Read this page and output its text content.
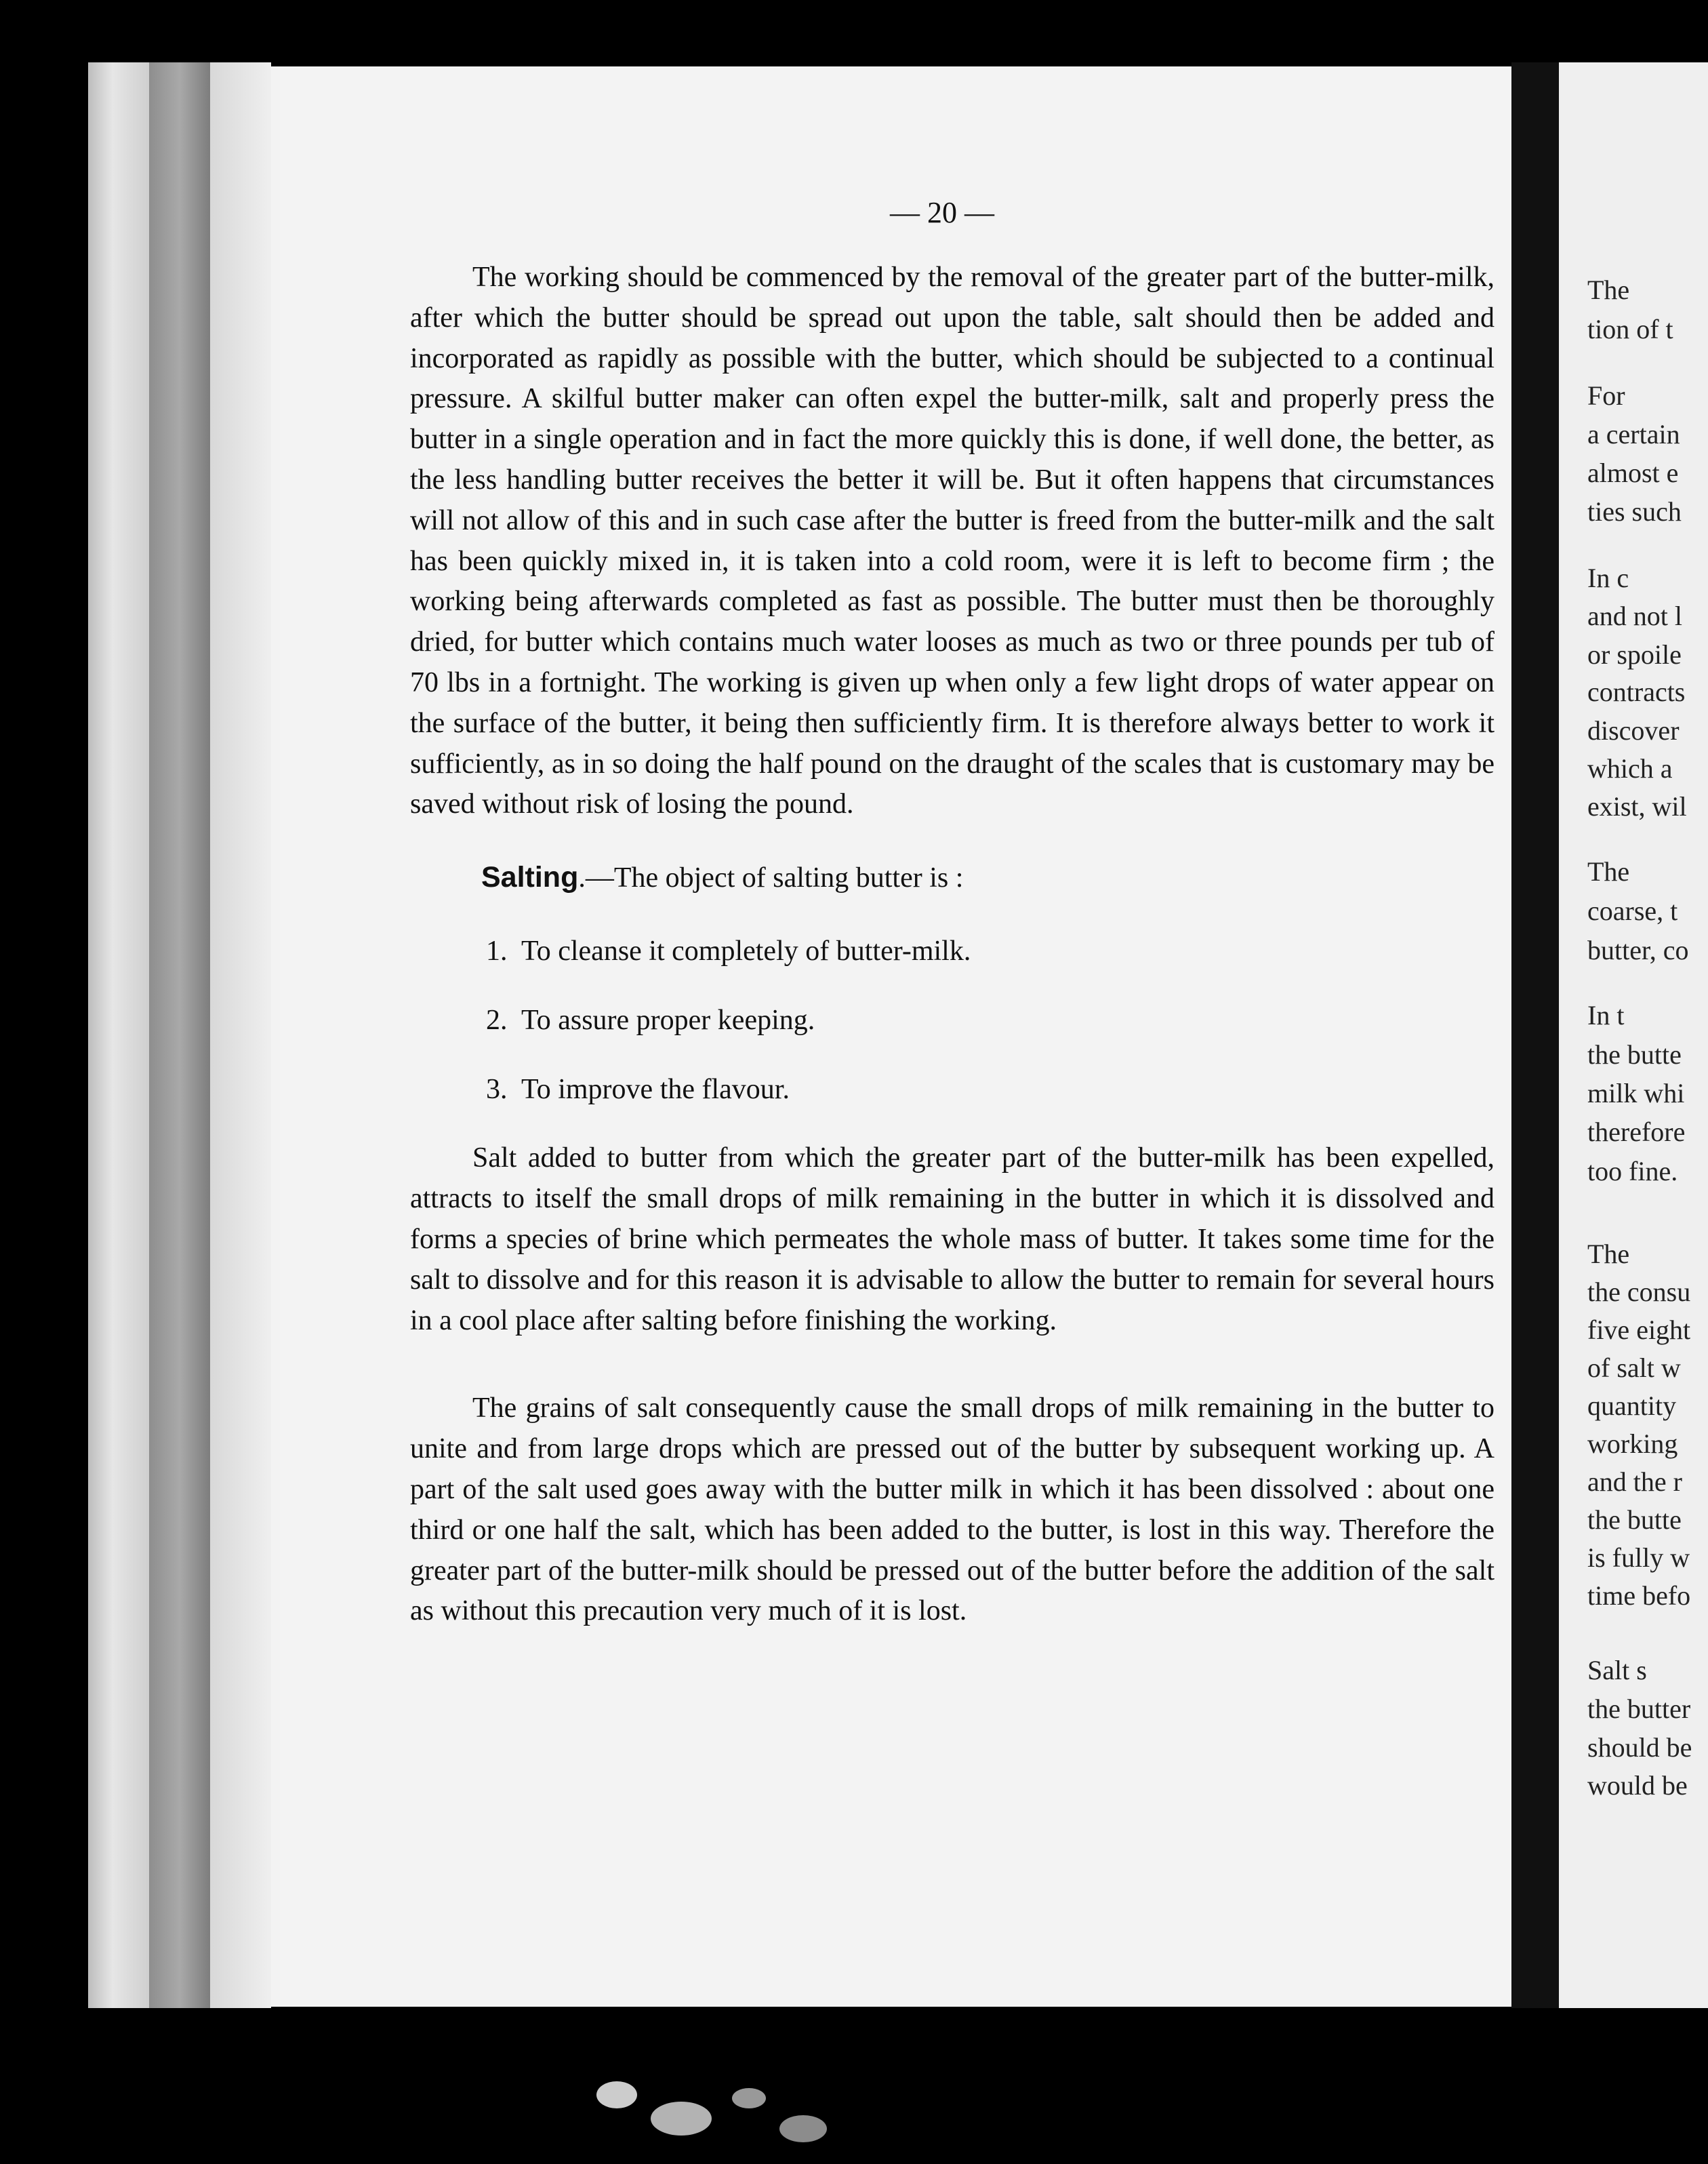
— 20 —

The working should be commenced by the removal of the greater part of the butter-milk, after which the butter should be spread out upon the table, salt should then be added and incorporated as rapidly as possible with the butter, which should be subjected to a continual pressure. A skilful butter maker can often expel the butter-milk, salt and properly press the butter in a single operation and in fact the more quickly this is done, if well done, the better, as the less handling butter receives the better it will be. But it often happens that circumstances will not allow of this and in such case after the butter is freed from the butter-milk and the salt has been quickly mixed in, it is taken into a cold room, were it is left to become firm ; the working being afterwards completed as fast as possible. The butter must then be thoroughly dried, for butter which contains much water looses as much as two or three pounds per tub of 70 lbs in a fortnight. The working is given up when only a few light drops of water appear on the surface of the butter, it being then sufficiently firm. It is therefore always better to work it sufficiently, as in so doing the half pound on the draught of the scales that is customary may be saved without risk of losing the pound.

Salting.—The object of salting butter is :

1. To cleanse it completely of butter-milk.
2. To assure proper keeping.
3. To improve the flavour.

Salt added to butter from which the greater part of the butter-milk has been expelled, attracts to itself the small drops of milk remaining in the butter in which it is dissolved and forms a species of brine which permeates the whole mass of butter. It takes some time for the salt to dissolve and for this reason it is advisable to allow the butter to remain for several hours in a cool place after salting before finishing the working.

The grains of salt consequently cause the small drops of milk remaining in the butter to unite and from large drops which are pressed out of the butter by subsequent working up. A part of the salt used goes away with the butter milk in which it has been dissolved : about one third or one half the salt, which has been added to the butter, is lost in this way. Therefore the greater part of the butter-milk should be pressed out of the butter before the addition of the salt as without this precaution very much of it is lost.

The
tion of t
For
a certain
almost e
ties such
In c
and not l
or spoile
contracts
discover
which a
exist, wil
The
coarse, t
butter, co
In t
the butte
milk whi
therefore
too fine.
The
the consu
five eight
of salt w
quantity
working
and the r
the butte
is fully w
time befo
Salt s
the butter
should be
would be
